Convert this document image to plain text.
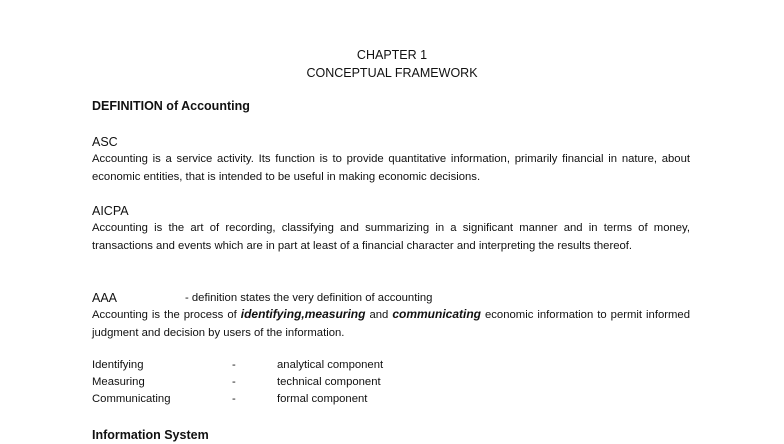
CHAPTER 1
CONCEPTUAL FRAMEWORK
DEFINITION of Accounting
ASC
Accounting is a service activity. Its function is to provide quantitative information, primarily financial in nature, about economic entities, that is intended to be useful in making economic decisions.
AICPA
Accounting is the art of recording, classifying and summarizing in a significant manner and in terms of money, transactions and events which are in part at least of a financial character and interpreting the results thereof.
AAA	- definition states the very definition of accounting
Accounting is the process of identifying,measuring and communicating economic information to permit informed judgment and decision by users of the information.
Identifying	-	analytical component
Measuring	-	technical component
Communicating	-	formal component
Information System
